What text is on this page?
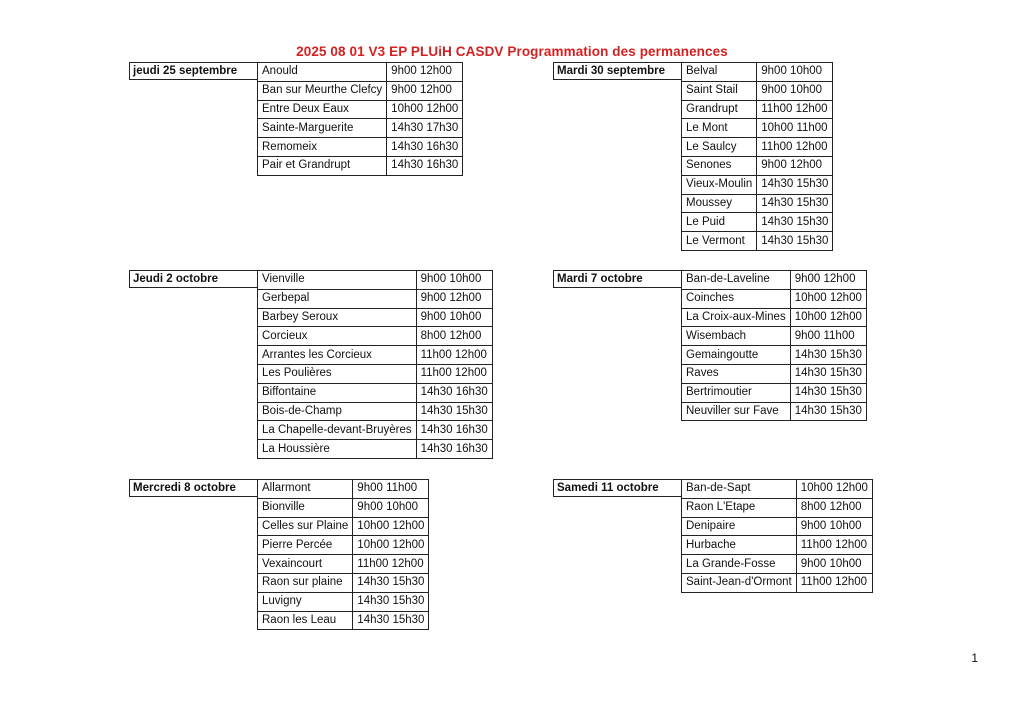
2025 08 01 V3 EP PLUiH CASDV Programmation des permanences
jeudi 25 septembre	Anould	9h00 12h00
Ban sur Meurthe Clefcy	9h00 12h00
Entre Deux Eaux	10h00 12h00
Sainte-Marguerite	14h30 17h30
Remomeix	14h30 16h30
Pair et Grandrupt	14h30 16h30
Mardi 30 septembre	Belval	9h00 10h00
Saint Stail	9h00 10h00
Grandrupt	11h00 12h00
Le Mont	10h00 11h00
Le Saulcy	11h00 12h00
Senones	9h00 12h00
Vieux-Moulin	14h30 15h30
Moussey	14h30 15h30
Le Puid	14h30 15h30
Le Vermont	14h30 15h30
Jeudi 2 octobre	Vienville	9h00 10h00
Gerbepal	9h00 12h00
Barbey Seroux	9h00 10h00
Corcieux	8h00 12h00
Arrantes les Corcieux	11h00 12h00
Les Poulières	11h00 12h00
Biffontaine	14h30 16h30
Bois-de-Champ	14h30 15h30
La Chapelle-devant-Bruyères	14h30 16h30
La Houssière	14h30 16h30
Mardi 7 octobre	Ban-de-Laveline	9h00 12h00
Coinches	10h00 12h00
La Croix-aux-Mines	10h00 12h00
Wisembach	9h00 11h00
Gemaingoutte	14h30 15h30
Raves	14h30 15h30
Bertrimoutier	14h30 15h30
Neuviller sur Fave	14h30 15h30
Mercredi 8 octobre	Allarmont	9h00 11h00
Bionville	9h00 10h00
Celles sur Plaine	10h00 12h00
Pierre Percée	10h00 12h00
Vexaincourt	11h00 12h00
Raon sur plaine	14h30 15h30
Luvigny	14h30 15h30
Raon les Leau	14h30 15h30
Samedi 11 octobre	Ban-de-Sapt	10h00 12h00
Raon L'Etape	8h00 12h00
Denipaire	9h00 10h00
Hurbache	11h00 12h00
La Grande-Fosse	9h00 10h00
Saint-Jean-d'Ormont	11h00 12h00
1
